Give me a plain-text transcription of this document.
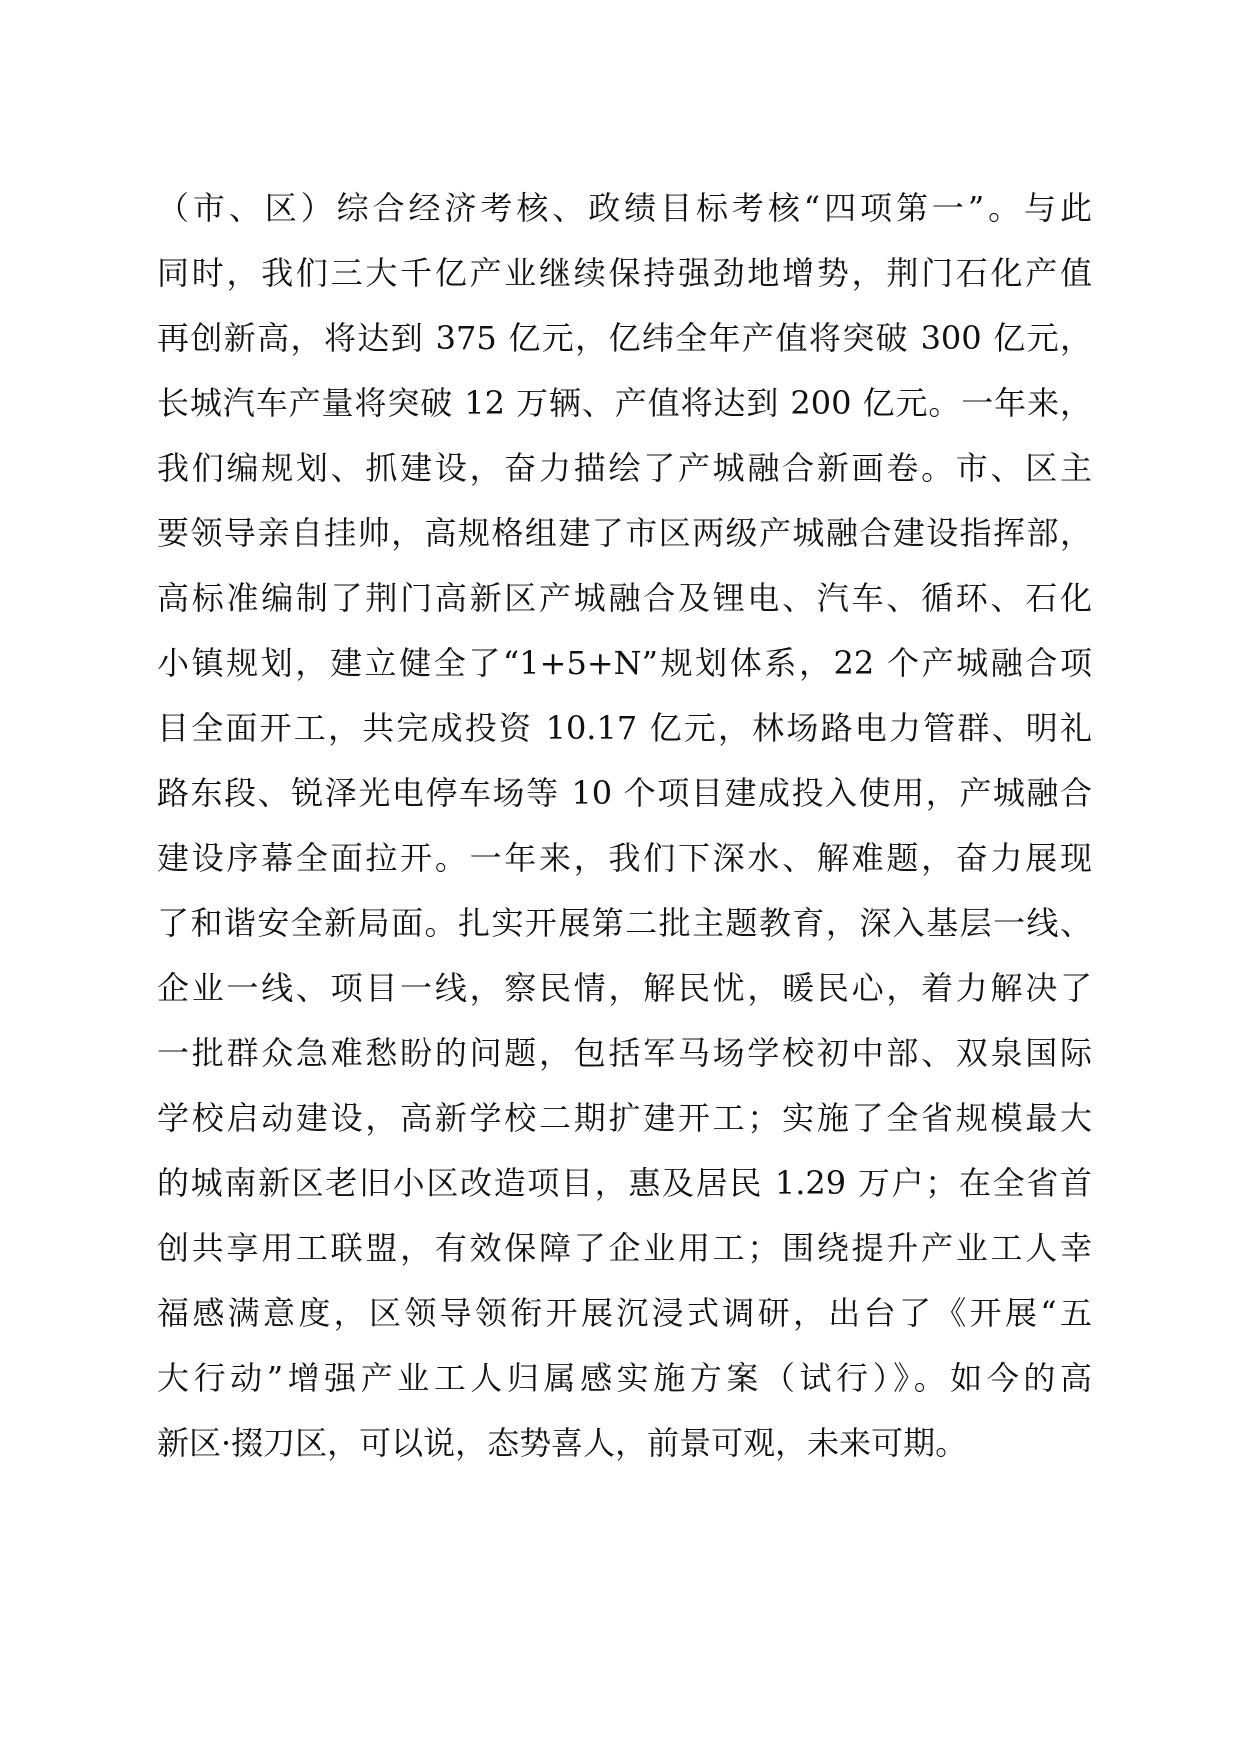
（市、区）综合经济考核、政绩目标考核“四项第一”。与此
同时，我们三大千亿产业继续保持强劲地增势，荆门石化产值
再创新高，将达到 375 亿元，亿纬全年产值将突破 300 亿元，
长城汽车产量将突破 12 万辆、产值将达到 200 亿元。一年来，
我们编规划、抓建设，奋力描绘了产城融合新画卷。市、区主
要领导亲自挂帅，高规格组建了市区两级产城融合建设指挥部，
高标准编制了荆门高新区产城融合及锂电、汽车、循环、石化
小镇规划，建立健全了“1+5+N”规划体系，22 个产城融合项
目全面开工，共完成投资 10.17 亿元，林场路电力管群、明礼
路东段、锐泽光电停车场等 10 个项目建成投入使用，产城融合
建设序幕全面拉开。一年来，我们下深水、解难题，奋力展现
了和谐安全新局面。扎实开展第二批主题教育，深入基层一线、
企业一线、项目一线，察民情，解民忧，暖民心，着力解决了
一批群众急难愁盼的问题，包括军马场学校初中部、双泉国际
学校启动建设，高新学校二期扩建开工；实施了全省规模最大
的城南新区老旧小区改造项目，惠及居民 1.29 万户；在全省首
创共享用工联盟，有效保障了企业用工；围绕提升产业工人幸
福感满意度，区领导领衔开展沉浸式调研，出台了《开展“五
大行动”增强产业工人归属感实施方案（试行）》。如今的高
新区·掇刀区，可以说，态势喜人，前景可观，未来可期。
